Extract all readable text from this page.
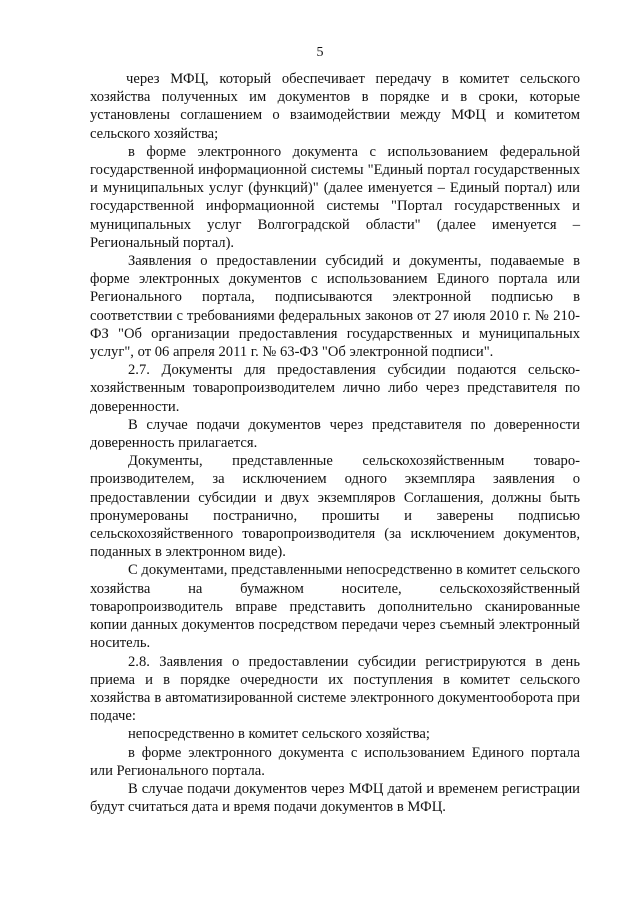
5

через МФЦ, который обеспечивает передачу в комитет сельского хозяйства полученных им документов в порядке и в сроки, которые установлены соглашением о взаимодействии между МФЦ и комитетом сельского хозяйства;

в форме электронного документа с использованием федеральной государственной информационной системы "Единый портал государственных и муниципальных услуг (функций)" (далее именуется – Единый портал) или государственной информационной системы "Портал государственных и муниципальных услуг Волгоградской области" (далее именуется – Региональный портал).

Заявления о предоставлении субсидий и документы, подаваемые в форме электронных документов с использованием Единого портала или Регионального портала, подписываются электронной подписью в соответствии с требованиями федеральных законов от 27 июля 2010 г. № 210-ФЗ "Об организации предоставления государственных и муниципальных услуг", от 06 апреля 2011 г. № 63-ФЗ "Об электронной подписи".

2.7. Документы для предоставления субсидии подаются сельско-хозяйственным товаропроизводителем лично либо через представителя по доверенности.

В случае подачи документов через представителя по доверенности доверенность прилагается.

Документы, представленные сельскохозяйственным товаро-производителем, за исключением одного экземпляра заявления о предоставлении субсидии и двух экземпляров Соглашения, должны быть пронумерованы постранично, прошиты и заверены подписью сельскохозяйственного товаропроизводителя (за исключением документов, поданных в электронном виде).

С документами, представленными непосредственно в комитет сельского хозяйства на бумажном носителе, сельскохозяйственный товаропроизводитель вправе представить дополнительно сканированные копии данных документов посредством передачи через съемный электронный носитель.

2.8. Заявления о предоставлении субсидии регистрируются в день приема и в порядке очередности их поступления в комитет сельского хозяйства в автоматизированной системе электронного документооборота при подаче:

непосредственно в комитет сельского хозяйства;

в форме электронного документа с использованием Единого портала или Регионального портала.

В случае подачи документов через МФЦ датой и временем регистрации будут считаться дата и время подачи документов в МФЦ.
